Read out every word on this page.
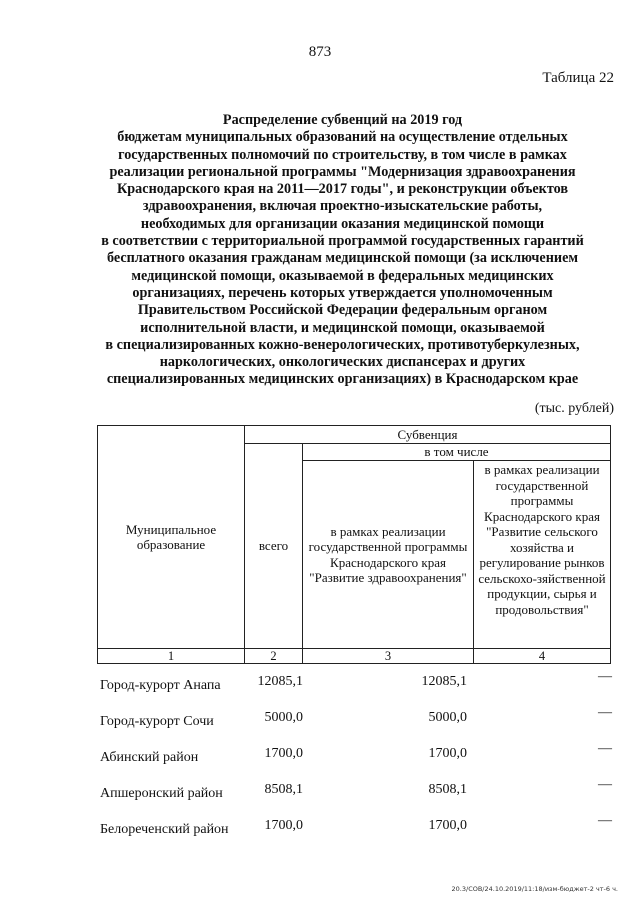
873
Таблица 22
Распределение субвенций на 2019 год
бюджетам муниципальных образований на осуществление отдельных
государственных полномочий по строительству, в том числе в рамках
реализации региональной программы "Модернизация здравоохранения
Краснодарского края на 2011—2017 годы", и реконструкции объектов
здравоохранения, включая проектно-изыскательские работы,
необходимых для организации оказания медицинской помощи
в соответствии с территориальной программой государственных гарантий
бесплатного оказания гражданам медицинской помощи (за исключением
медицинской помощи, оказываемой в федеральных медицинских
организациях, перечень которых утверждается уполномоченным
Правительством Российской Федерации федеральным органом
исполнительной власти, и медицинской помощи, оказываемой
в специализированных кожно-венерологических, противотуберкулезных,
наркологических, онкологических диспансерах и других
специализированных медицинских организациях) в Краснодарском крае
(тыс. рублей)
Муниципальное образование	Субвенция		
	всего	в том числе	
		в рамках реализации государственной программы Краснодарского края "Развитие здравоохранения"	в рамках реализации государственной программы Краснодарского края "Развитие сельского хозяйства и регулирование рынков сельскохо-зяйственной продукции, сырья и продовольствия"
1	2	3	4
Город-курорт Анапа	12085,1	12085,1	—
Город-курорт Сочи	5000,0	5000,0	—
Абинский район	1700,0	1700,0	—
Апшеронский район	8508,1	8508,1	—
Белореченский район	1700,0	1700,0	—
20.3/СОВ/24.10.2019/11:18/изм-бюджет-2 чт-6 ч.
